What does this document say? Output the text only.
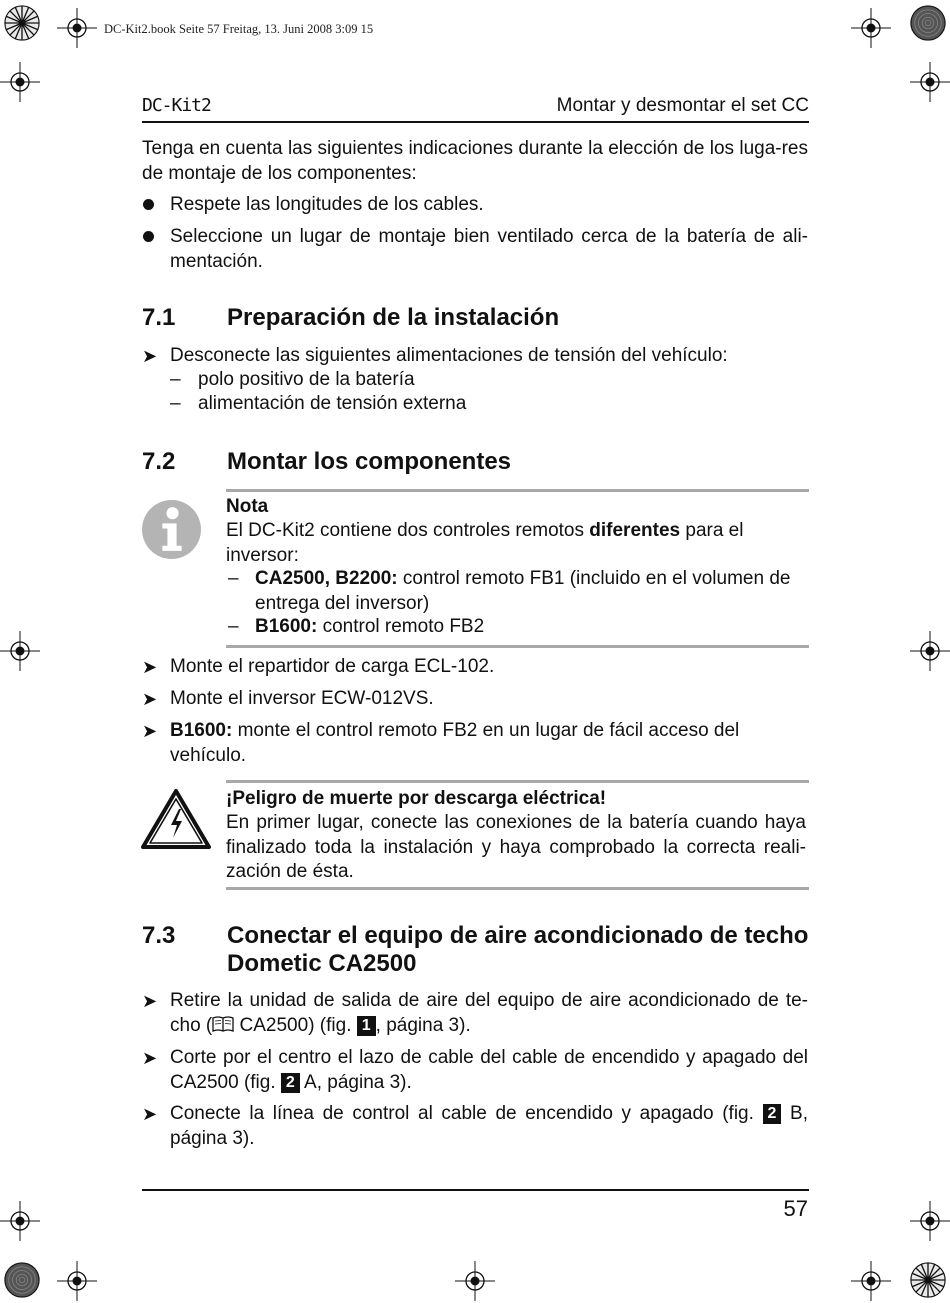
DC-Kit2.book Seite 57 Freitag, 13. Juni 2008 3:09 15
DC-Kit2	Montar y desmontar el set CC
Tenga en cuenta las siguientes indicaciones durante la elección de los luga-res de montaje de los componentes:
Respete las longitudes de los cables.
Seleccione un lugar de montaje bien ventilado cerca de la batería de ali-mentación.
7.1 Preparación de la instalación
➤ Desconecte las siguientes alimentaciones de tensión del vehículo:
– polo positivo de la batería
– alimentación de tensión externa
7.2 Montar los componentes
Nota
El DC-Kit2 contiene dos controles remotos diferentes para el inversor:
– CA2500, B2200: control remoto FB1 (incluido en el volumen de entrega del inversor)
– B1600: control remoto FB2
➤ Monte el repartidor de carga ECL-102.
➤ Monte el inversor ECW-012VS.
➤ B1600: monte el control remoto FB2 en un lugar de fácil acceso del vehículo.
¡Peligro de muerte por descarga eléctrica!
En primer lugar, conecte las conexiones de la batería cuando haya finalizado toda la instalación y haya comprobado la correcta reali-zación de ésta.
7.3 Conectar el equipo de aire acondicionado de techo Dometic CA2500
➤ Retire la unidad de salida de aire del equipo de aire acondicionado de te-cho ( CA2500) (fig. 1 , página 3).
➤ Corte por el centro el lazo de cable del cable de encendido y apagado del CA2500 (fig. 2 A, página 3).
➤ Conecte la línea de control al cable de encendido y apagado (fig. 2 B, página 3).
57
